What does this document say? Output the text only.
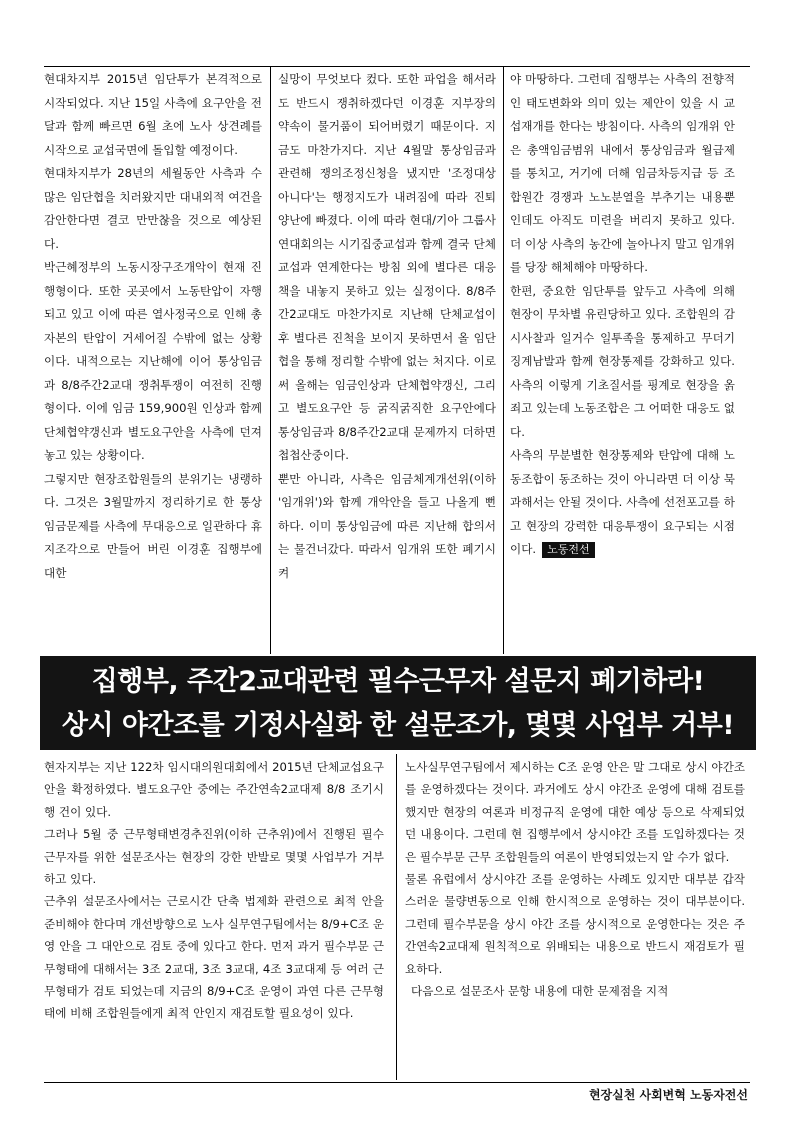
현대차지부 2015년 임단투가 본격적으로 시작되었다. 지난 15일 사측에 요구안을 전달과 함께 빠르면 6월 초에 노사 상견례를 시작으로 교섭국면에 돌입할 예정이다.

현대차지부가 28년의 세월동안 사측과 수많은 임단협을 치러왔지만 대내외적 여건을 감안한다면 결코 만만찮을 것으로 예상된다.

박근혜정부의 노동시장구조개악이 현재 진행형이다. 또한 곳곳에서 노동탄압이 자행되고 있고 이에 따른 열사정국으로 인해 총자본의 탄압이 거세어질 수밖에 없는 상황이다. 내적으로는 지난해에 이어 통상임금과 8/8주간2교대 쟁취투쟁이 여전히 진행형이다. 이에 임금 159,900원 인상과 함께 단체협약갱신과 별도요구안을 사측에 던져놓고 있는 상황이다.

그렇지만 현장조합원들의 분위기는 냉랭하다. 그것은 3월말까지 정리하기로 한 통상임금문제를 사측에 무대응으로 일관하다 휴지조각으로 만들어 버린 이경훈 집행부에 대한

실망이 무엇보다 컸다. 또한 파업을 해서라도 반드시 쟁취하겠다던 이경훈 지부장의 약속이 물거품이 되어버렸기 때문이다. 지금도 마찬가지다. 지난 4월말 통상임금과 관련해 쟁의조정신청을 냈지만 '조정대상 아니다'는 행정지도가 내려짐에 따라 진퇴양난에 빠졌다. 이에 따라 현대/기아 그룹사 연대회의는 시기집중교섭과 함께 결국 단체교섭과 연계한다는 방침 외에 별다른 대응책을 내놓지 못하고 있는 실정이다. 8/8주간2교대도 마찬가지로 지난해 단체교섭이후 별다른 진척을 보이지 못하면서 올 임단협을 통해 정리할 수밖에 없는 처지다. 이로써 올해는 임금인상과 단체협약갱신, 그리고 별도요구안 등 굵직굵직한 요구안에다 통상임금과 8/8주간2교대 문제까지 더하면 첩첩산중이다.

뿐만 아니라, 사측은 임금체계개선위(이하 '임개위')와 함께 개악안을 들고 나올게 뻔하다. 이미 통상임금에 따른 지난해 합의서는 물건너갔다. 따라서 임개위 또한 폐기시켜

야 마땅하다. 그런데 집행부는 사측의 전향적인 태도변화와 의미 있는 제안이 있을 시 교섭재개를 한다는 방침이다. 사측의 임개위 안은 총액임금범위 내에서 통상임금과 월급제를 통치고, 거기에 더해 임금차등지급 등 조합원간 경쟁과 노노분열을 부추기는 내용뿐인데도 아직도 미련을 버리지 못하고 있다. 더 이상 사측의 농간에 놀아나지 말고 임개위를 당장 해체해야 마땅하다.

한편, 중요한 임단투를 앞두고 사측에 의해 현장이 무차별 유린당하고 있다. 조합원의 감시사찰과 일거수 일투족을 통제하고 무더기 징계남발과 함께 현장통제를 강화하고 있다. 사측의 이렇게 기초질서를 핑계로 현장을 옭죄고 있는데 노동조합은 그 어떠한 대응도 없다.

사측의 무분별한 현장통제와 탄압에 대해 노동조합이 동조하는 것이 아니라면 더 이상 묵과해서는 안될 것이다. 사측에 선전포고를 하고 현장의 강력한 대응투쟁이 요구되는 시점이다. 노동전선

집행부, 주간2교대관련 필수근무자 설문지 폐기하라!
상시 야간조를 기정사실화 한 설문조가, 몇몇 사업부 거부!

현자지부는 지난 122차 임시대의원대회에서 2015년 단체교섭요구안을 확정하였다. 별도요구안 중에는 주간연속2교대제 8/8 조기시행 건이 있다.

그러나 5월 중 근무형태변경추진위(이하 근추위)에서 진행된 필수근무자를 위한 설문조사는 현장의 강한 반발로 몇몇 사업부가 거부하고 있다.

근추위 설문조사에서는 근로시간 단축 법제화 관련으로 최적 안을 준비해야 한다며 개선방향으로 노사 실무연구팀에서는 8/9+C조 운영 안을 그 대안으로 검토 중에 있다고 한다. 먼저 과거 필수부문 근무형태에 대해서는 3조 2교대, 3조 3교대, 4조 3교대제 등 여러 근무형태가 검토 되었는데 지금의 8/9+C조 운영이 과연 다른 근무형태에 비해 조합원들에게 최적 안인지 재검토할 필요성이 있다.

노사실무연구팀에서 제시하는 C조 운영 안은 말 그대로 상시 야간조를 운영하겠다는 것이다. 과거에도 상시 야간조 운영에 대해 검토를 했지만 현장의 여론과 비정규직 운영에 대한 예상 등으로 삭제되었던 내용이다. 그런데 현 집행부에서 상시야간 조를 도입하겠다는 것은 필수부문 근무 조합원들의 여론이 반영되었는지 알 수가 없다.

물론 유럽에서 상시야간 조를 운영하는 사례도 있지만 대부분 갑작스러운 물량변동으로 인해 한시적으로 운영하는 것이 대부분이다. 그런데 필수부문을 상시 야간 조를 상시적으로 운영한다는 것은 주간연속2교대제 원칙적으로 위배되는 내용으로 반드시 재검토가 필요하다.

다음으로 설문조사 문항 내용에 대한 문제점을 지적

현장실천 사회변혁 노동자전선
